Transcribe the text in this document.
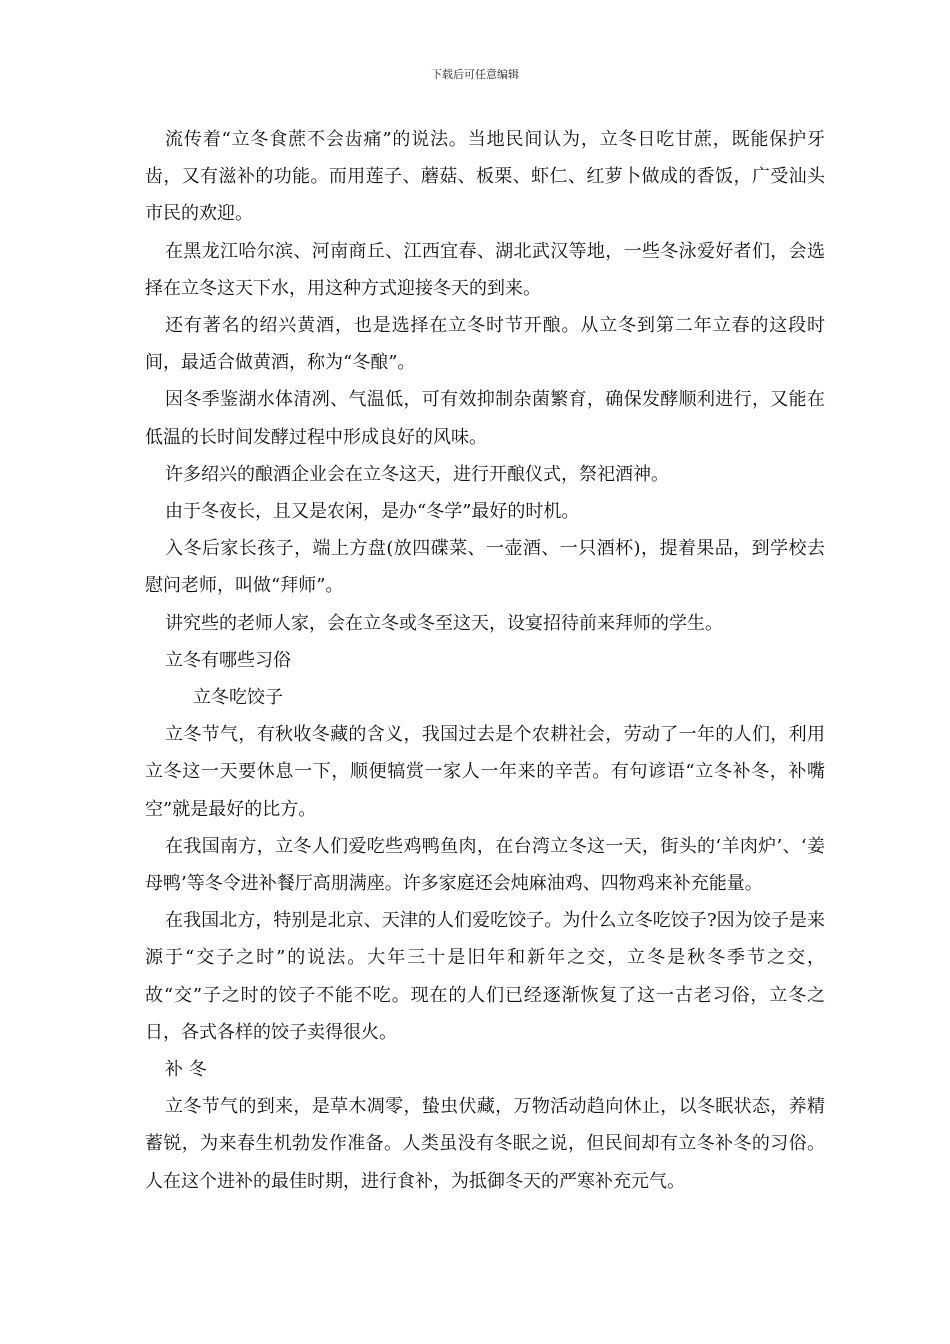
下载后可任意编辑

流传着“立冬食蔗不会齿痛”的说法。当地民间认为，立冬日吃甘蔗，既能保护牙齿，又有滋补的功能。而用莲子、蘑菇、板栗、虾仁、红萝卜做成的香饭，广受汕头市民的欢迎。

在黑龙江哈尔滨、河南商丘、江西宜春、湖北武汉等地，一些冬泳爱好者们，会选择在立冬这天下水，用这种方式迎接冬天的到来。

还有著名的绍兴黄酒，也是选择在立冬时节开酿。从立冬到第二年立春的这段时间，最适合做黄酒，称为“冬酿”。

因冬季鉴湖水体清冽、气温低，可有效抑制杂菌繁育，确保发酵顺利进行，又能在低温的长时间发酵过程中形成良好的风味。

许多绍兴的酿酒企业会在立冬这天，进行开酿仪式，祭祀酒神。

由于冬夜长，且又是农闲，是办“冬学”最好的时机。

入冬后家长孩子，端上方盘(放四碟菜、一壶酒、一只酒杯)，提着果品，到学校去慰问老师，叫做“拜师”。

讲究些的老师人家，会在立冬或冬至这天，设宴招待前来拜师的学生。

立冬有哪些习俗

立冬吃饺子

立冬节气，有秋收冬藏的含义，我国过去是个农耕社会，劳动了一年的人们，利用立冬这一天要休息一下，顺便犒赏一家人一年来的辛苦。有句谚语“立冬补冬，补嘴空”就是最好的比方。

在我国南方，立冬人们爱吃些鸡鸭鱼肉，在台湾立冬这一天，街头的‘羊肉炉’、‘姜母鸭’等冬令进补餐厅高朋满座。许多家庭还会炖麻油鸡、四物鸡来补充能量。

在我国北方，特别是北京、天津的人们爱吃饺子。为什么立冬吃饺子?因为饺子是来源于“交子之时”的说法。大年三十是旧年和新年之交，立冬是秋冬季节之交，故“交”子之时的饺子不能不吃。现在的人们已经逐渐恢复了这一古老习俗，立冬之日，各式各样的饺子卖得很火。

补 冬

立冬节气的到来，是草木凋零，蛰虫伏藏，万物活动趋向休止，以冬眠状态，养精蓄锐，为来春生机勃发作准备。人类虽没有冬眠之说，但民间却有立冬补冬的习俗。人在这个进补的最佳时期，进行食补，为抵御冬天的严寒补充元气。
